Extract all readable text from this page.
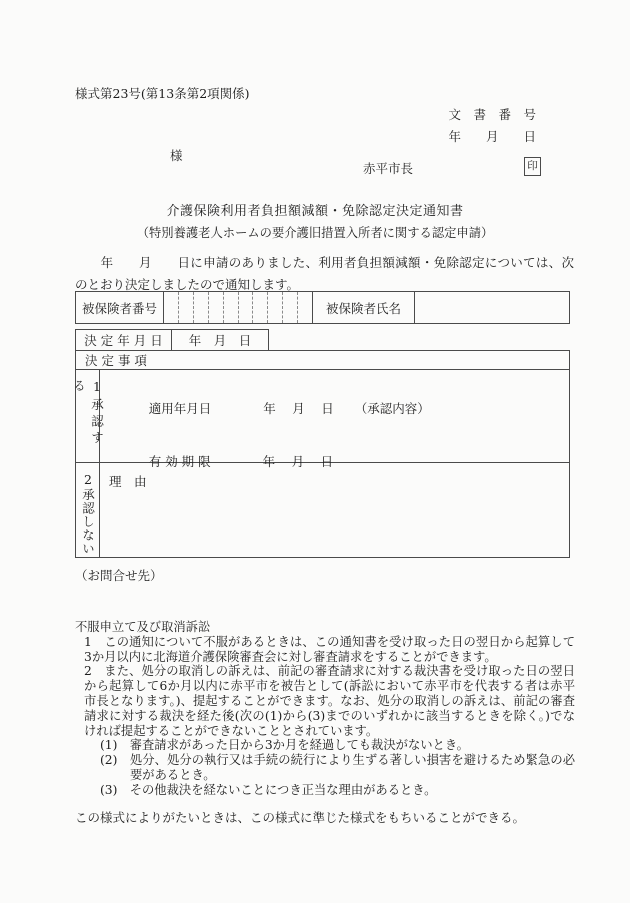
様式第23号(第13条第2項関係)
文　書　番　号
年　　月　　日
様
赤平市長	印
介護保険利用者負担額減額・免除認定決定通知書
（特別養護老人ホームの要介護旧措置入所者に関する認定申請）
　　年　　月　　日に申請のありました、利用者負担額減額・免除認定については、次のとおり決定しましたので通知します。
被保険者番号	被保険者氏名
決 定 年 月 日	年　月　日
決 定 事 項
1承認する

適用年月日	年　 月　 日 （承認内容）

有 効 期 限	年　 月　 日

2承認しない 理　由
（お問合せ先）
不服申立て及び取消訴訟
1　この通知について不服があるときは、この通知書を受け取った日の翌日から起算して3か月以内に北海道介護保険審査会に対し審査請求をすることができます。
2　また、処分の取消しの訴えは、前記の審査請求に対する裁決書を受け取った日の翌日から起算して6か月以内に赤平市を被告として(訴訟において赤平市を代表する者は赤平市長となります。)、提起することができます。なお、処分の取消しの訴えは、前記の審査請求に対する裁決を経た後(次の(1)から(3)までのいずれかに該当するときを除く。)でなければ提起することができないこととされています。
(1)　審査請求があった日から3か月を経過しても裁決がないとき。
(2)　処分、処分の執行又は手続の続行により生ずる著しい損害を避けるため緊急の必要があるとき。
(3)　その他裁決を経ないことにつき正当な理由があるとき。
この様式によりがたいときは、この様式に準じた様式をもちいることができる。
